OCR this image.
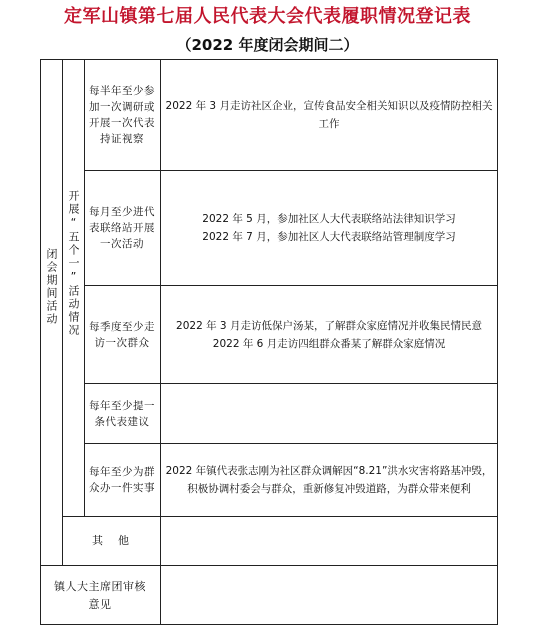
定军山镇第七届人民代表大会代表履职情况登记表
（2022 年度闭会期间二）
闭会期间活动 开展“五个一”活动情况
每半年至少参加一次调研或开展一次代表持证视察
每月至少进代表联络站开展一次活动
每季度至少走访一次群众
每年至少提一条代表建议
每年至少为群众办一件实事
2022 年 3 月走访社区企业，宣传食品安全相关知识以及疫情防控相关工作
2022 年 5 月，参加社区人大代表联络站法律知识学习
2022 年 7 月，参加社区人大代表联络站管理制度学习
2022 年 3 月走访低保户汤某，了解群众家庭情况并收集民情民意
2022 年 6 月走访四组群众番某了解群众家庭情况
2022 年镇代表张志刚为社区群众调解因“8.21”洪水灾害将路基冲毁，积极协调村委会与群众，重新修复冲毁道路，为群众带来便利
其　他
镇人大主席团审核意见
